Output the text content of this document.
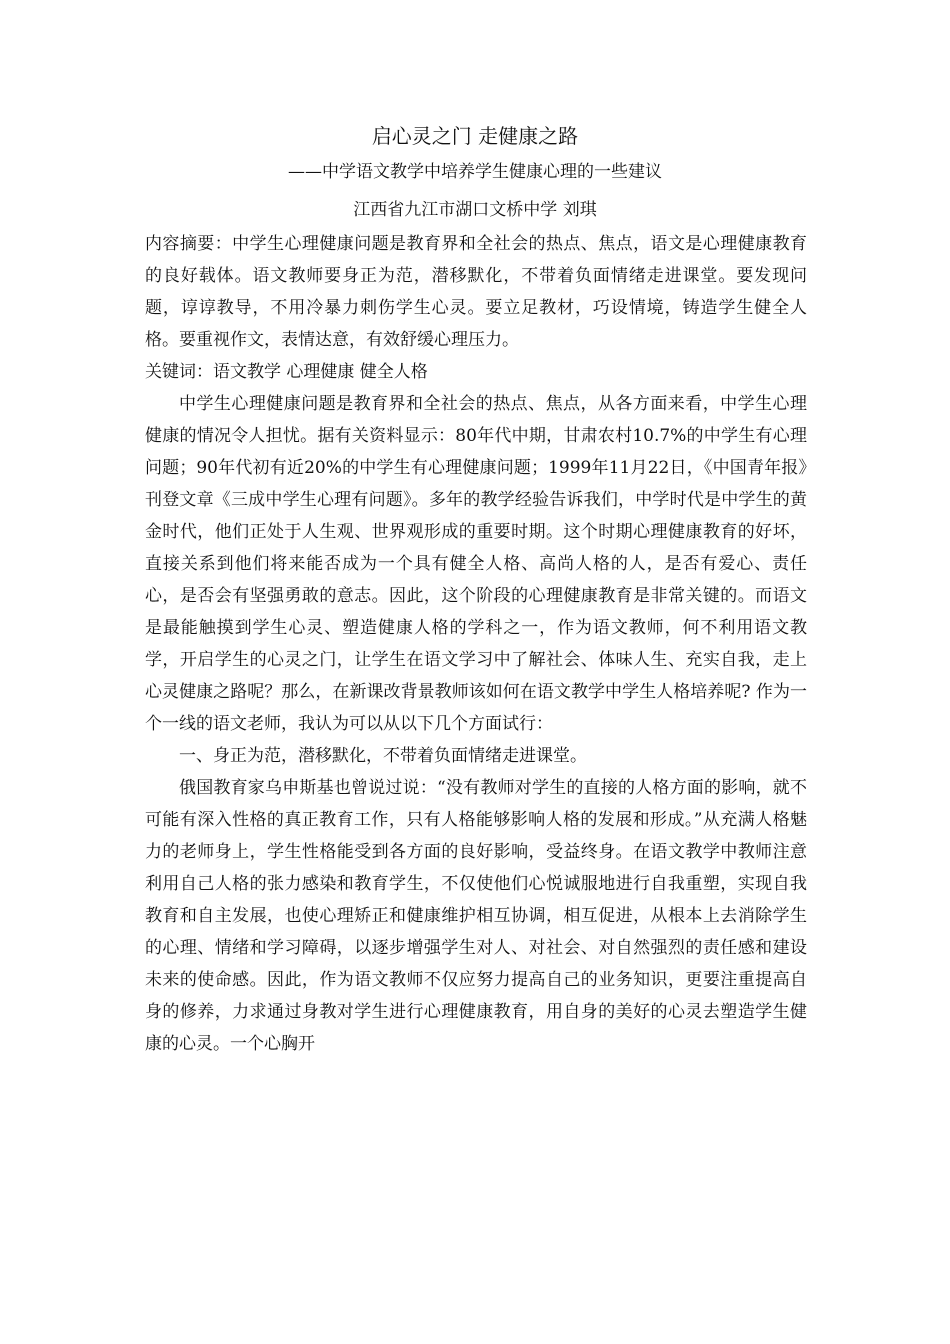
启心灵之门 走健康之路
——中学语文教学中培养学生健康心理的一些建议
江西省九江市湖口文桥中学 刘琪

内容摘要：中学生心理健康问题是教育界和全社会的热点、焦点，语文是心理健康教育的良好载体。语文教师要身正为范，潜移默化，不带着负面情绪走进课堂。要发现问题，谆谆教导，不用冷暴力刺伤学生心灵。要立足教材，巧设情境，铸造学生健全人格。要重视作文，表情达意，有效舒缓心理压力。

关键词：语文教学 心理健康 健全人格

中学生心理健康问题是教育界和全社会的热点、焦点，从各方面来看，中学生心理健康的情况令人担忧。据有关资料显示：80年代中期，甘肃农村10.7%的中学生有心理问题；90年代初有近20%的中学生有心理健康问题；1999年11月22日，《中国青年报》刊登文章《三成中学生心理有问题》。多年的教学经验告诉我们，中学时代是中学生的黄金时代，他们正处于人生观、世界观形成的重要时期。这个时期心理健康教育的好坏，直接关系到他们将来能否成为一个具有健全人格、高尚人格的人，是否有爱心、责任心，是否会有坚强勇敢的意志。因此，这个阶段的心理健康教育是非常关键的。而语文是最能触摸到学生心灵、塑造健康人格的学科之一，作为语文教师，何不利用语文教学，开启学生的心灵之门，让学生在语文学习中了解社会、体味人生、充实自我，走上心灵健康之路呢？那么，在新课改背景教师该如何在语文教学中学生人格培养呢? 作为一个一线的语文老师，我认为可以从以下几个方面试行：

一、身正为范，潜移默化，不带着负面情绪走进课堂。

俄国教育家乌申斯基也曾说过说：“没有教师对学生的直接的人格方面的影响，就不可能有深入性格的真正教育工作，只有人格能够影响人格的发展和形成。”从充满人格魅力的老师身上，学生性格能受到各方面的良好影响，受益终身。在语文教学中教师注意利用自己人格的张力感染和教育学生，不仅使他们心悦诚服地进行自我重塑，实现自我教育和自主发展，也使心理矫正和健康维护相互协调，相互促进，从根本上去消除学生的心理、情绪和学习障碍，以逐步增强学生对人、对社会、对自然强烈的责任感和建设未来的使命感。因此，作为语文教师不仅应努力提高自己的业务知识，更要注重提高自身的修养，力求通过身教对学生进行心理健康教育，用自身的美好的心灵去塑造学生健康的心灵。一个心胸开
